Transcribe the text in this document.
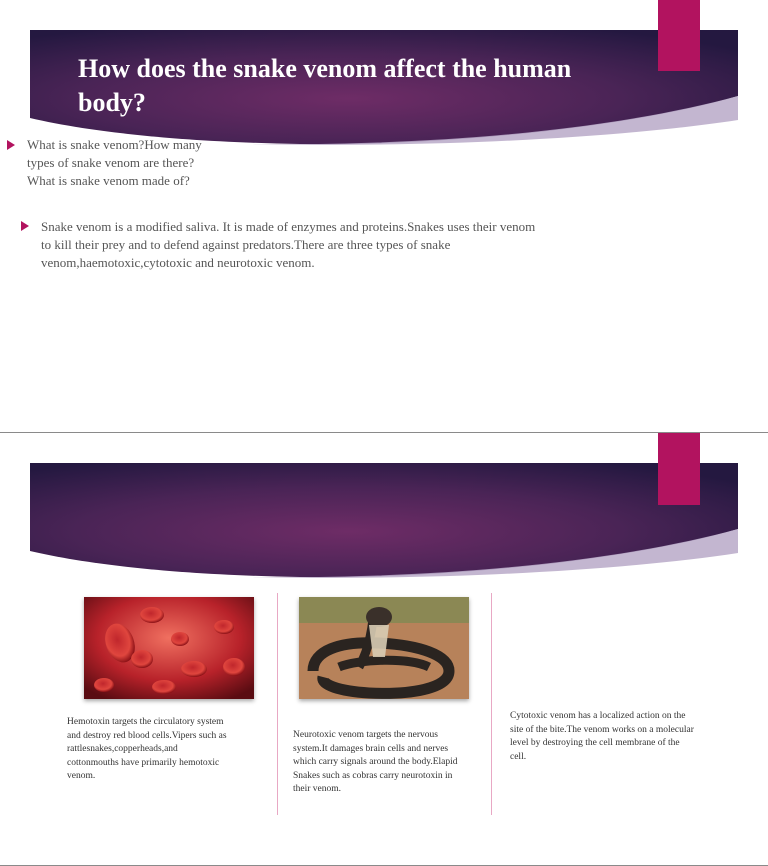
How does the snake venom affect the human body?
What is snake venom?How many types of snake venom are there?What is snake venom made of?
Snake venom is a modified saliva. It is made of enzymes and proteins.Snakes uses their venom to kill their prey and to defend against predators.There are three types of snake venom,haemotoxic,cytotoxic and neurotoxic venom.
Hemotoxin targets the circulatory system and destroy red blood cells.Vipers such as rattlesnakes,copperheads,and cottonmouths have primarily hemotoxic venom.
Neurotoxic venom targets the nervous system.It damages brain cells and nerves which carry signals around the body.Elapid Snakes such as cobras carry neurotoxin in their venom.
Cytotoxic venom has a localized action on the site of the bite.The venom works on a molecular level by destroying the cell membrane of the cell.
